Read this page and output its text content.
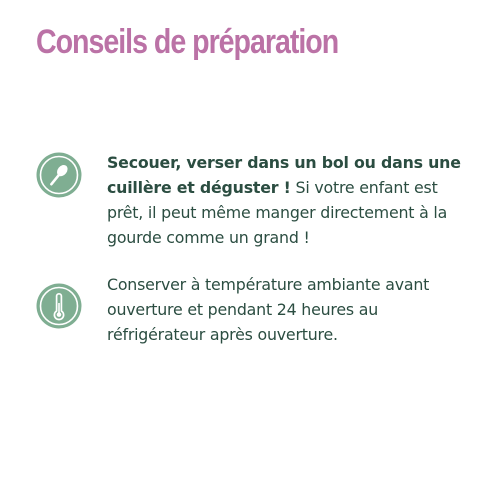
Conseils de préparation
Secouer, verser dans un bol ou dans une cuillère et déguster ! Si votre enfant est prêt, il peut même manger directement à la gourde comme un grand !
Conserver à température ambiante avant ouverture et pendant 24 heures au réfrigérateur après ouverture.
